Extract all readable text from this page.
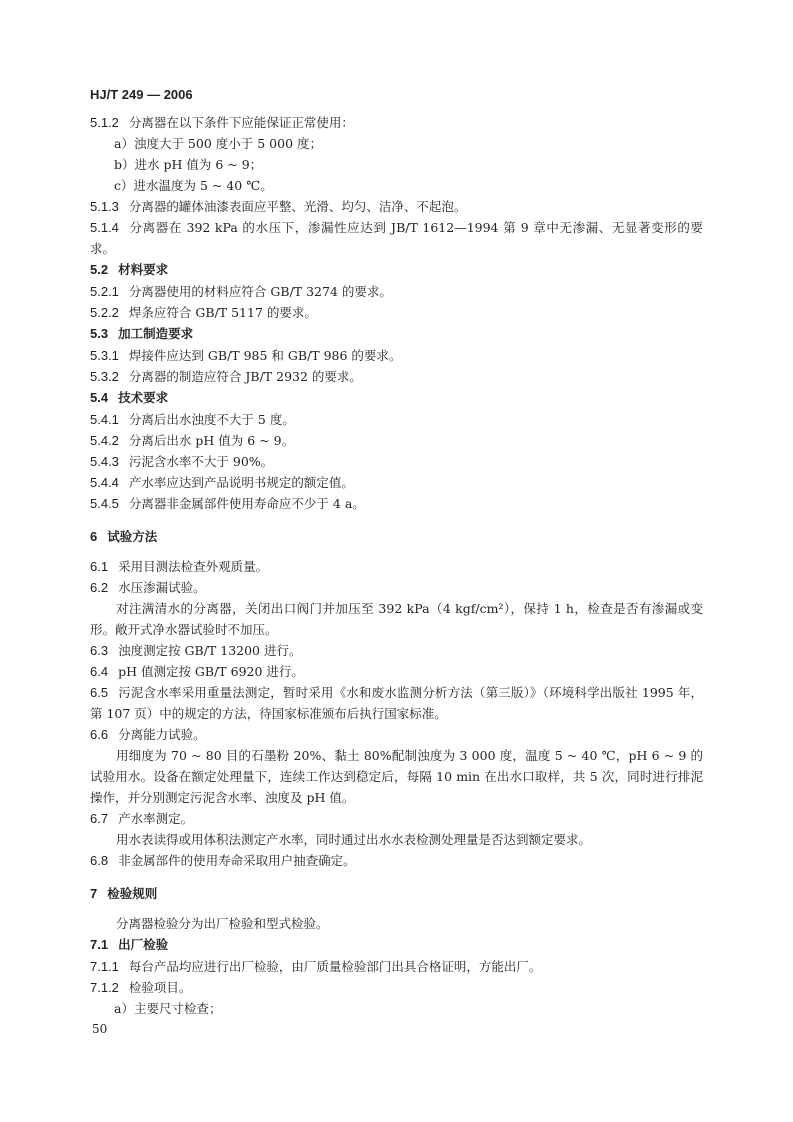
HJ/T 249 — 2006
5.1.2 分离器在以下条件下应能保证正常使用：
a）浊度大于 500 度小于 5 000 度；
b）进水 pH 值为 6 ~ 9；
c）进水温度为 5 ~ 40 ℃。
5.1.3 分离器的罐体油漆表面应平整、光滑、均匀、洁净、不起泡。
5.1.4 分离器在 392 kPa 的水压下，渗漏性应达到 JB/T 1612—1994 第 9 章中无渗漏、无显著变形的要求。
5.2 材料要求
5.2.1 分离器使用的材料应符合 GB/T 3274 的要求。
5.2.2 焊条应符合 GB/T 5117 的要求。
5.3 加工制造要求
5.3.1 焊接件应达到 GB/T 985 和 GB/T 986 的要求。
5.3.2 分离器的制造应符合 JB/T 2932 的要求。
5.4 技术要求
5.4.1 分离后出水浊度不大于 5 度。
5.4.2 分离后出水 pH 值为 6 ~ 9。
5.4.3 污泥含水率不大于 90%。
5.4.4 产水率应达到产品说明书规定的额定值。
5.4.5 分离器非金属部件使用寿命应不少于 4 a。
6 试验方法
6.1 采用目测法检查外观质量。
6.2 水压渗漏试验。
对注满清水的分离器，关闭出口阀门并加压至 392 kPa（4 kgf/cm²），保持 1 h，检查是否有渗漏或变形。敞开式净水器试验时不加压。
6.3 浊度测定按 GB/T 13200 进行。
6.4 pH 值测定按 GB/T 6920 进行。
6.5 污泥含水率采用重量法测定，暂时采用《水和废水监测分析方法（第三版）》（环境科学出版社 1995 年，第 107 页）中的规定的方法，待国家标准颁布后执行国家标准。
6.6 分离能力试验。
用细度为 70 ~ 80 目的石墨粉 20%、黏土 80%配制浊度为 3 000 度，温度 5 ~ 40 ℃，pH 6 ~ 9 的试验用水。设备在额定处理量下，连续工作达到稳定后，每隔 10 min 在出水口取样，共 5 次，同时进行排泥操作，并分别测定污泥含水率、浊度及 pH 值。
6.7 产水率测定。
用水表读得或用体积法测定产水率，同时通过出水水表检测处理量是否达到额定要求。
6.8 非金属部件的使用寿命采取用户抽查确定。
7 检验规则
分离器检验分为出厂检验和型式检验。
7.1 出厂检验
7.1.1 每台产品均应进行出厂检验，由厂质量检验部门出具合格证明，方能出厂。
7.1.2 检验项目。
a）主要尺寸检查；
50
